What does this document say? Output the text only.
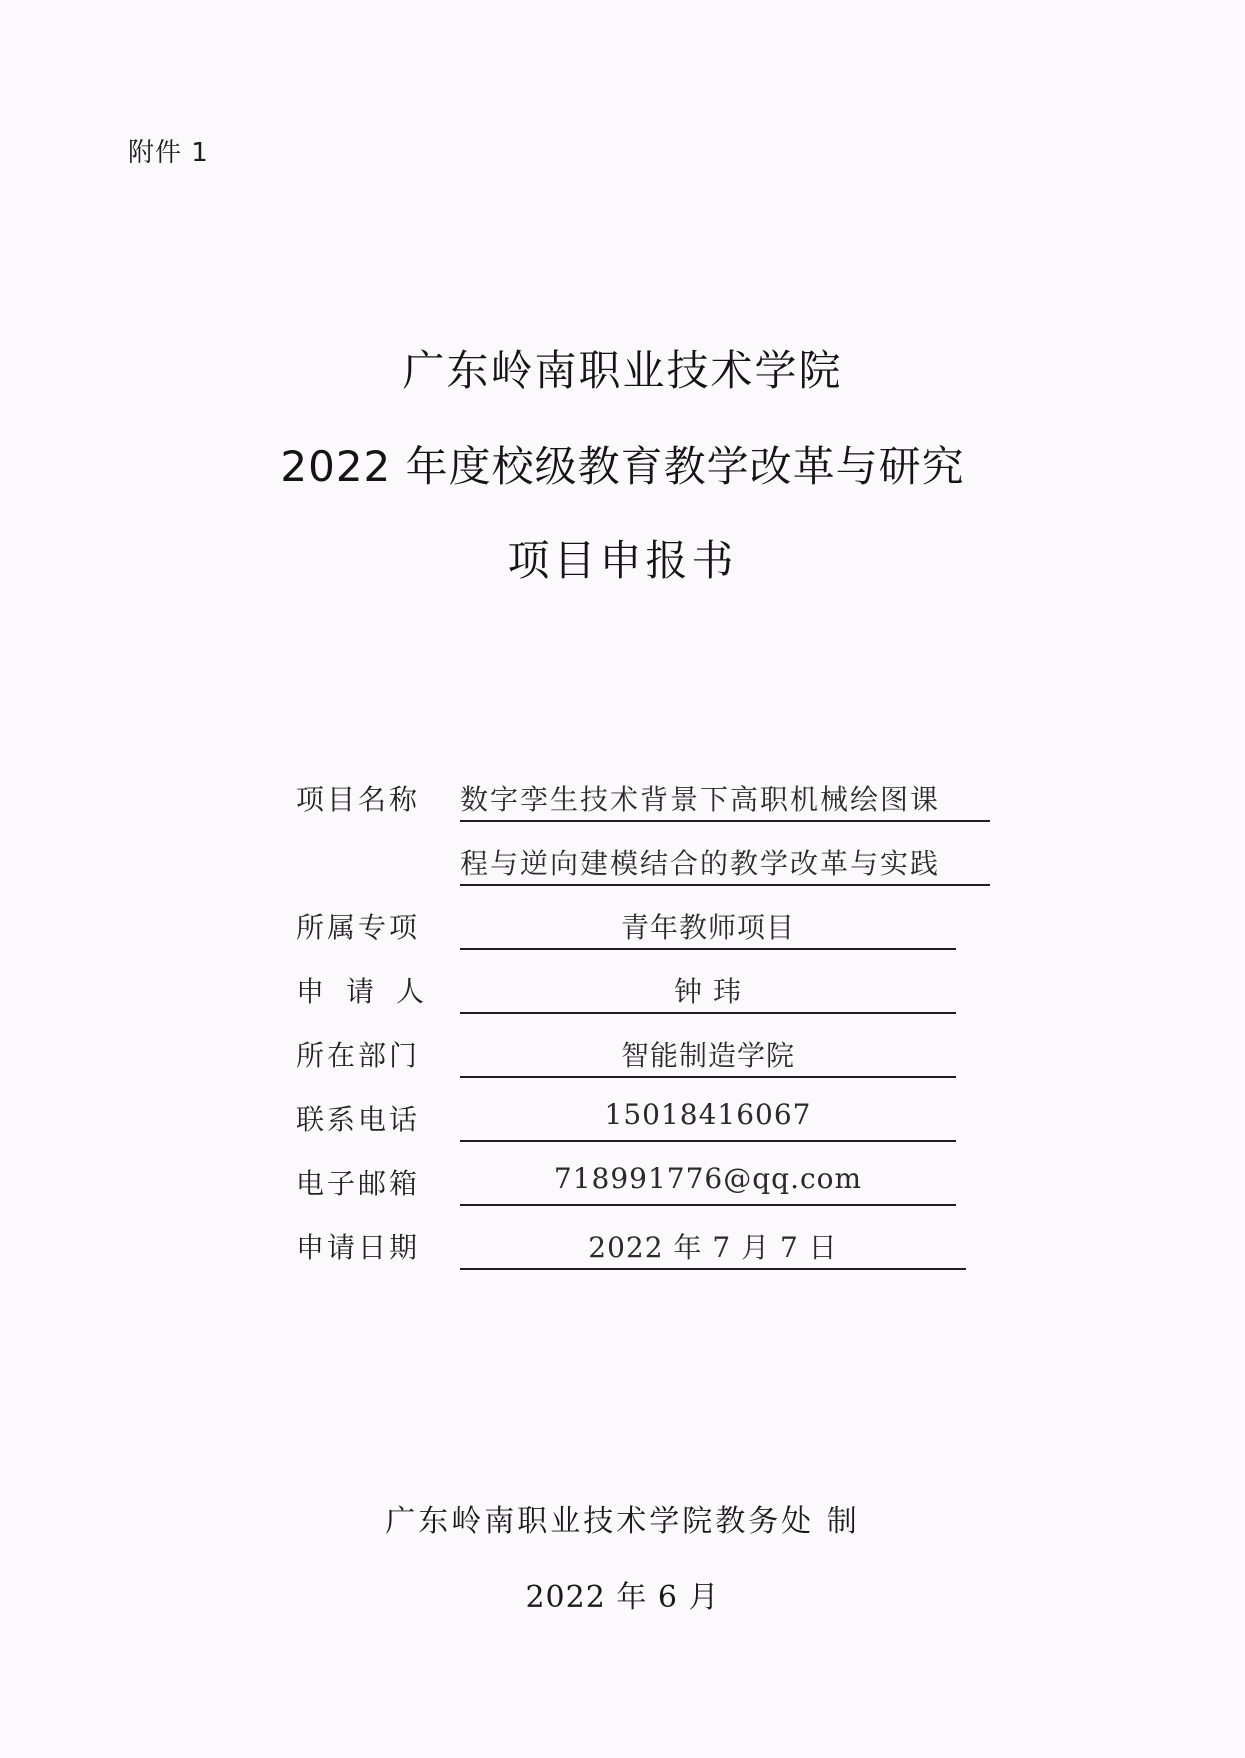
附件 1
广东岭南职业技术学院
2022 年度校级教育教学改革与研究
项目申报书
项目名称 数字孪生技术背景下高职机械绘图课
程与逆向建模结合的教学改革与实践
所属专项	青年教师项目
申请人	钟 玮
所在部门	智能制造学院
联系电话	15018416067
电子邮箱	718991776@qq.com
申请日期	2022 年 7 月 7 日
广东岭南职业技术学院教务处 制
2022 年 6 月
